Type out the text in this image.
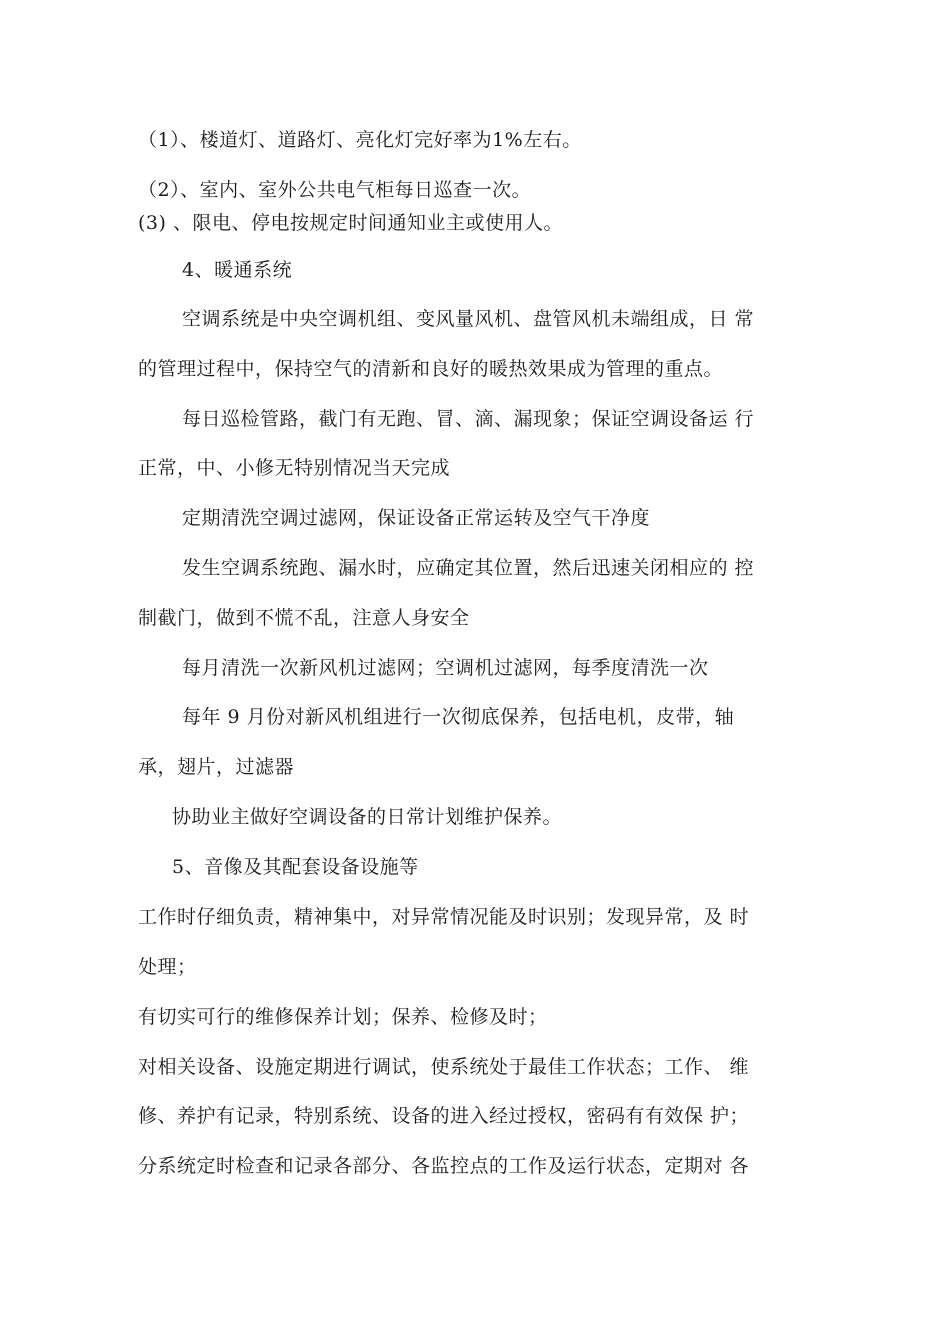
（1）、楼道灯、道路灯、亮化灯完好率为1%左右。
（2）、室内、室外公共电气柜每日巡查一次。
(3) 、限电、停电按规定时间通知业主或使用人。
4、暖通系统
空调系统是中央空调机组、变风量风机、盘管风机未端组成，日 常
的管理过程中，保持空气的清新和良好的暖热效果成为管理的重点。
每日巡检管路，截门有无跑、冒、滴、漏现象；保证空调设备运 行
正常，中、小修无特别情况当天完成
定期清洗空调过滤网，保证设备正常运转及空气干净度
发生空调系统跑、漏水时，应确定其位置，然后迅速关闭相应的 控
制截门，做到不慌不乱，注意人身安全
每月清洗一次新风机过滤网；空调机过滤网，每季度清洗一次
每年 9 月份对新风机组进行一次彻底保养，包括电机，皮带，轴
承，翅片，过滤器
协助业主做好空调设备的日常计划维护保养。
5、音像及其配套设备设施等
工作时仔细负责，精神集中，对异常情况能及时识别；发现异常，及 时
处理；
有切实可行的维修保养计划；保养、检修及时；
对相关设备、设施定期进行调试，使系统处于最佳工作状态；工作、 维
修、养护有记录，特别系统、设备的进入经过授权，密码有有效保 护；
分系统定时检查和记录各部分、各监控点的工作及运行状态，定期对 各
